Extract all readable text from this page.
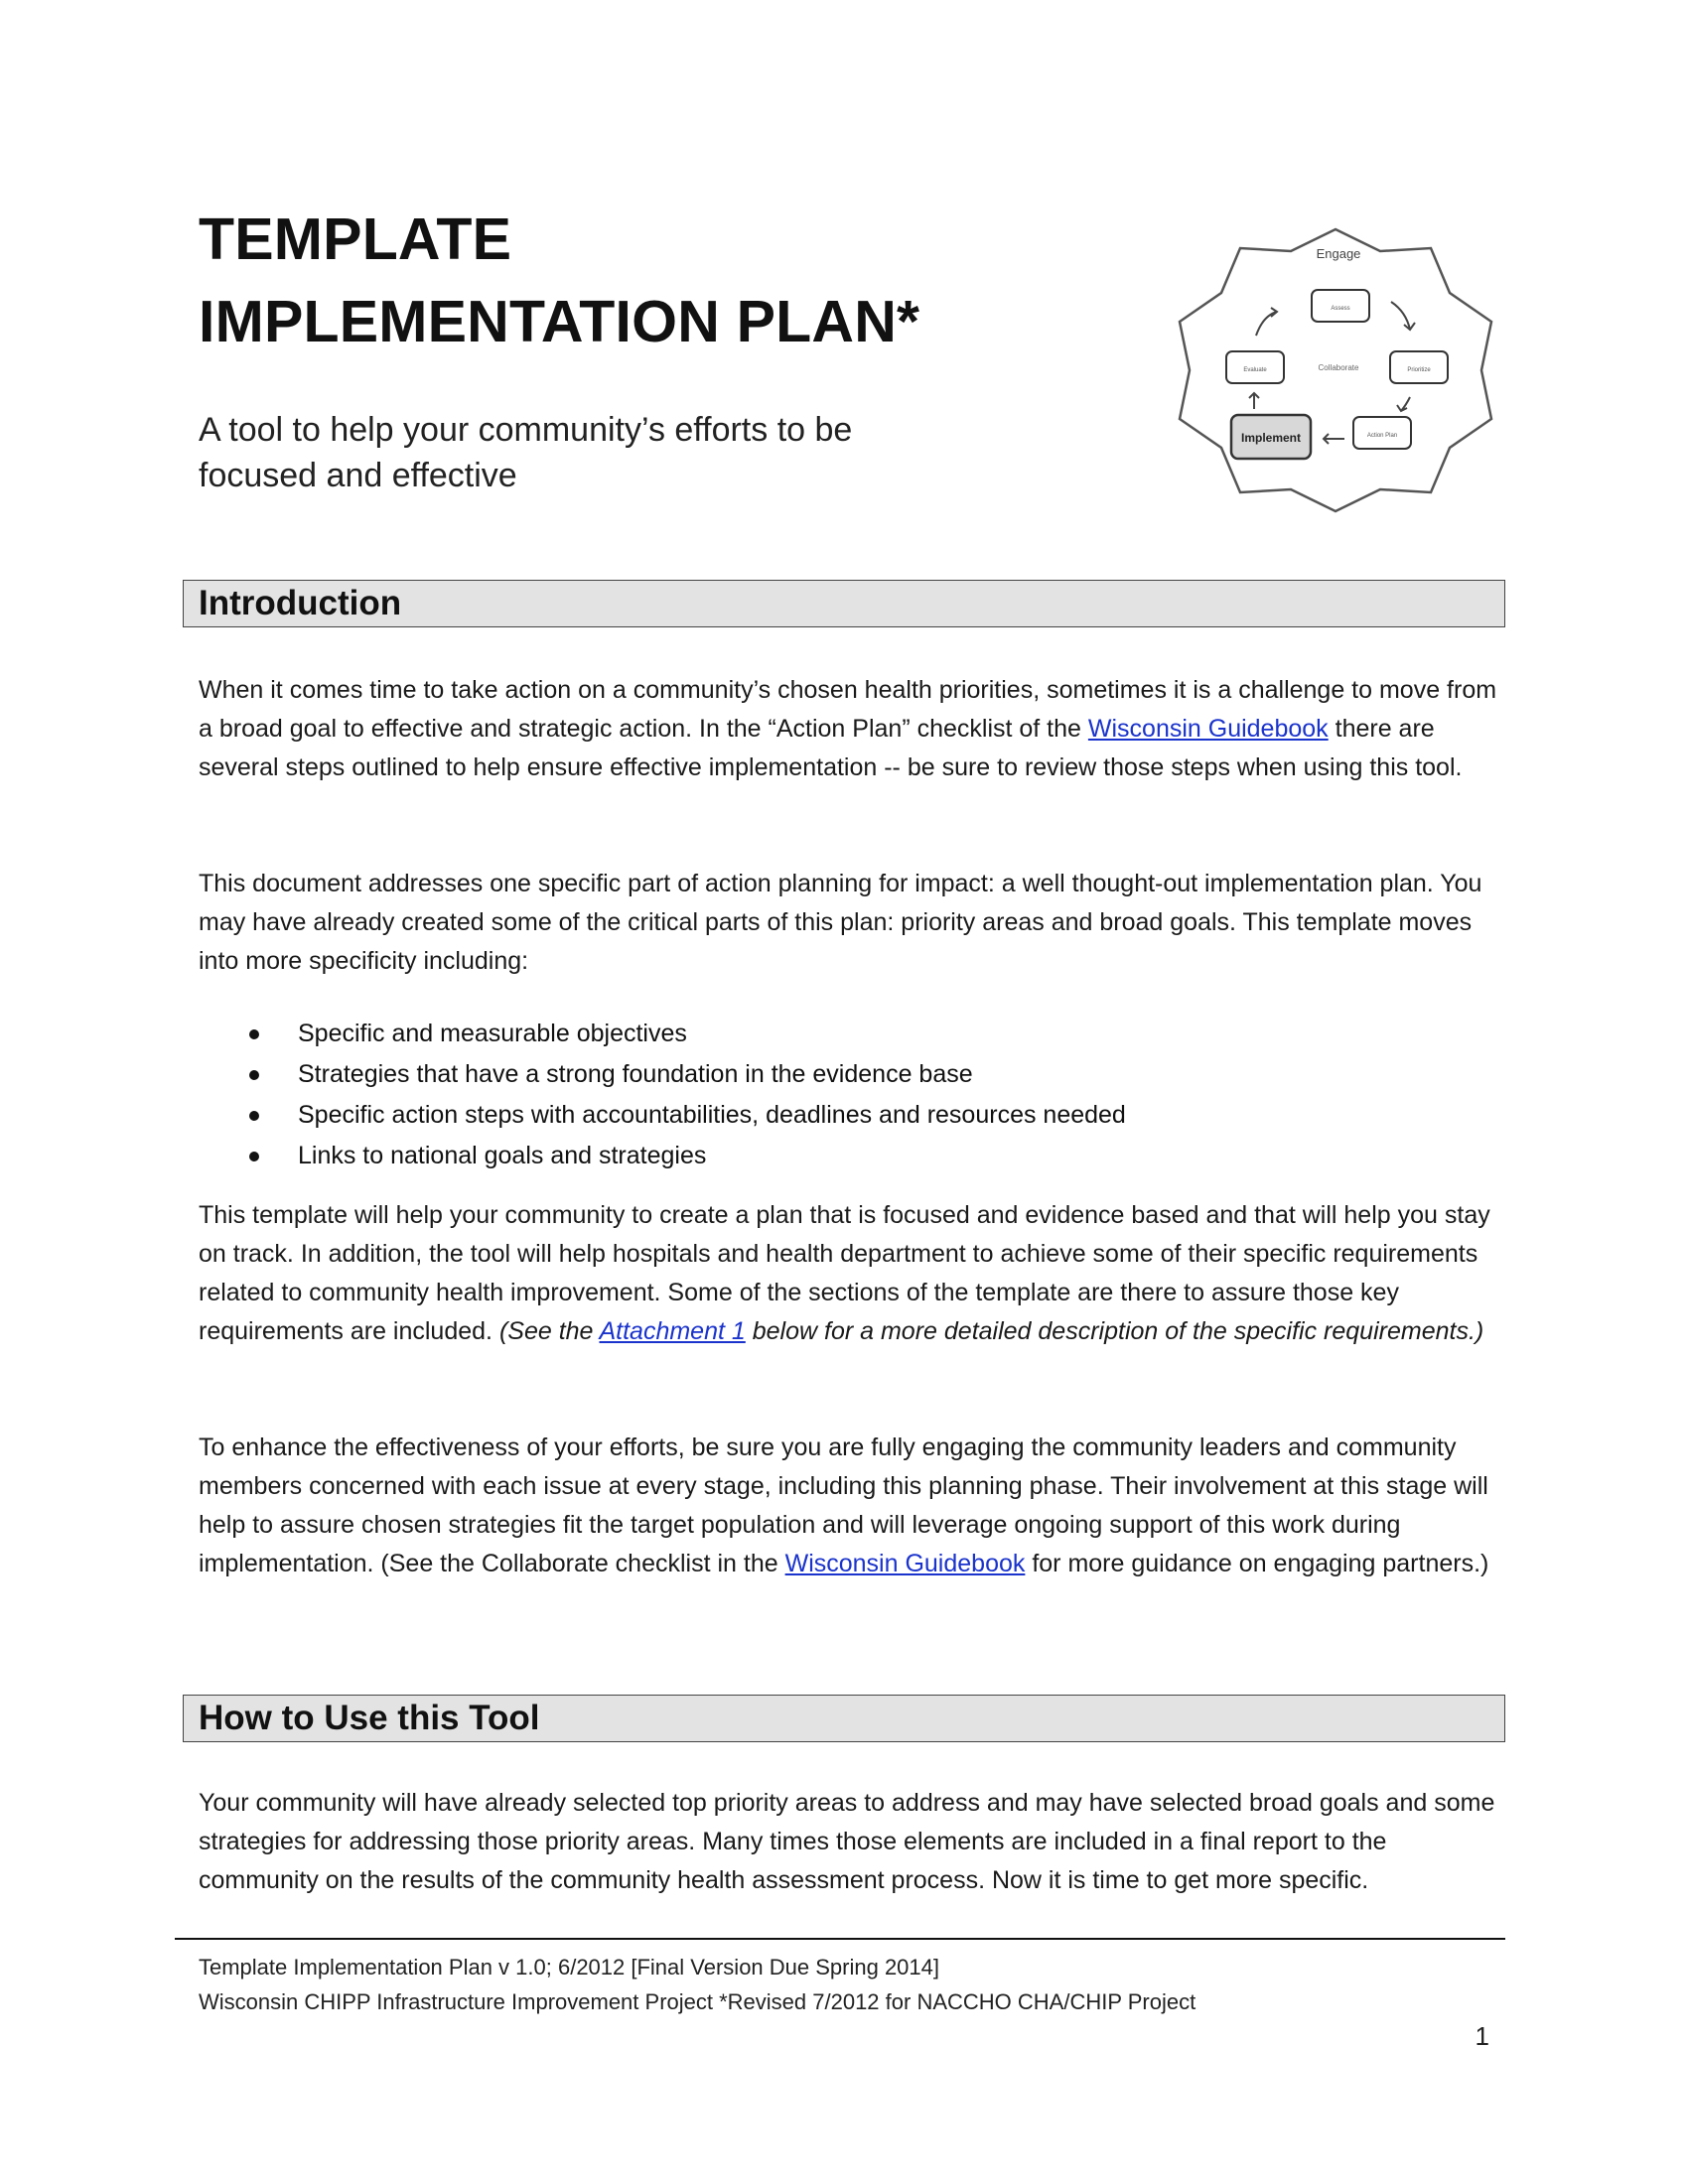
TEMPLATE
IMPLEMENTATION PLAN*
A tool to help your community’s efforts to be
focused and effective
Engage
Assess
Collaborate
Evaluate	Prioritize
Implement	Action Plan
Introduction

When it comes time to take action on a community’s chosen health priorities, sometimes it is a challenge to move from a broad goal to effective and strategic action. In the “Action Plan” checklist of the Wisconsin Guidebook there are several steps outlined to help ensure effective implementation -- be sure to review those steps when using this tool.

This document addresses one specific part of action planning for impact: a well thought-out implementation plan. You may have already created some of the critical parts of this plan: priority areas and broad goals. This template moves into more specificity including:

Specific and measurable objectives
Strategies that have a strong foundation in the evidence base
Specific action steps with accountabilities, deadlines and resources needed
Links to national goals and strategies

This template will help your community to create a plan that is focused and evidence based and that will help you stay on track. In addition, the tool will help hospitals and health department to achieve some of their specific requirements related to community health improvement. Some of the sections of the template are there to assure those key requirements are included. (See the Attachment 1 below for a more detailed description of the specific requirements.)

To enhance the effectiveness of your efforts, be sure you are fully engaging the community leaders and community members concerned with each issue at every stage, including this planning phase. Their involvement at this stage will help to assure chosen strategies fit the target population and will leverage ongoing support of this work during implementation. (See the Collaborate checklist in the Wisconsin Guidebook for more guidance on engaging partners.)

How to Use this Tool

Your community will have already selected top priority areas to address and may have selected broad goals and some strategies for addressing those priority areas. Many times those elements are included in a final report to the community on the results of the community health assessment process. Now it is time to get more specific.

Template Implementation Plan v 1.0; 6/2012 [Final Version Due Spring 2014]

Wisconsin CHIPP Infrastructure Improvement Project *Revised 7/2012 for NACCHO CHA/CHIP Project

1
